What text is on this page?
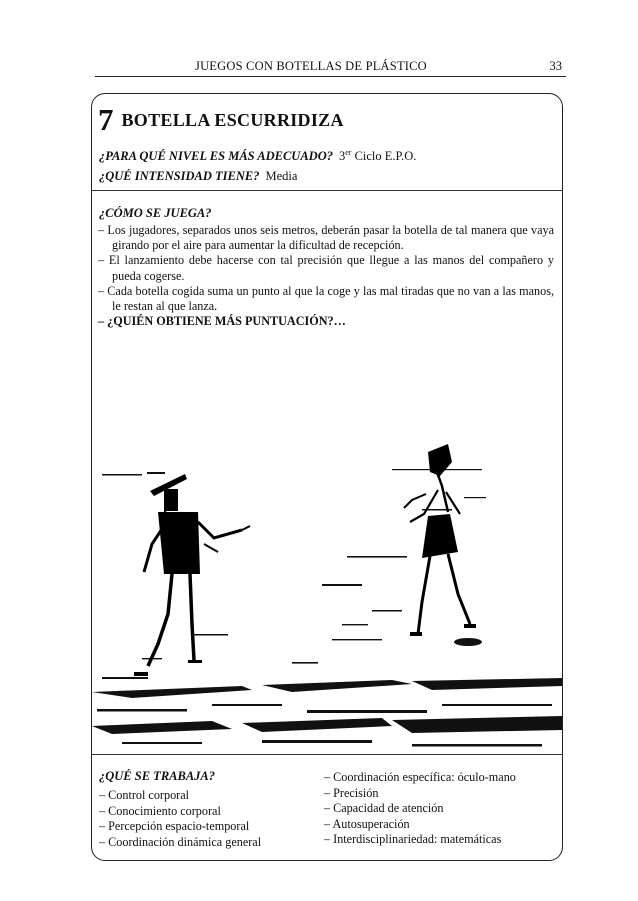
JUEGOS CON BOTELLAS DE PLÁSTICO	33
7 BOTELLA ESCURRIDIZA
¿PARA QUÉ NIVEL ES MÁS ADECUADO? 3er Ciclo E.P.O.
¿QUÉ INTENSIDAD TIENE? Media
¿CÓMO SE JUEGA?
– Los jugadores, separados unos seis metros, deberán pasar la botella de tal manera que vaya girando por el aire para aumentar la dificultad de recepción.
– El lanzamiento debe hacerse con tal precisión que llegue a las manos del compañero y pueda cogerse.
– Cada botella cogida suma un punto al que la coge y las mal tiradas que no van a las manos, le restan al que lanza.
– ¿QUIÉN OBTIENE MÁS PUNTUACIÓN?…
¿QUÉ SE TRABAJA?
– Control corporal
– Conocimiento corporal
– Percepción espacio-temporal
– Coordinación dinámica general
– Coordinación específica: óculo-mano
– Precisión
– Capacidad de atención
– Autosuperación
– Interdisciplinariedad: matemáticas
